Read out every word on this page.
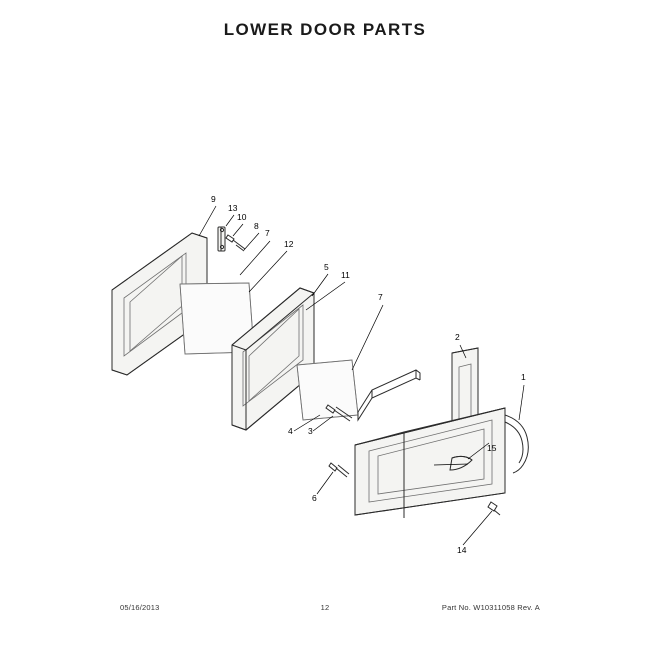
LOWER DOOR PARTS
1
2
3
4
5
6
7
7
8
9
10
11
12
13
14
15
05/16/2013	12	Part No. W10311058 Rev. A
